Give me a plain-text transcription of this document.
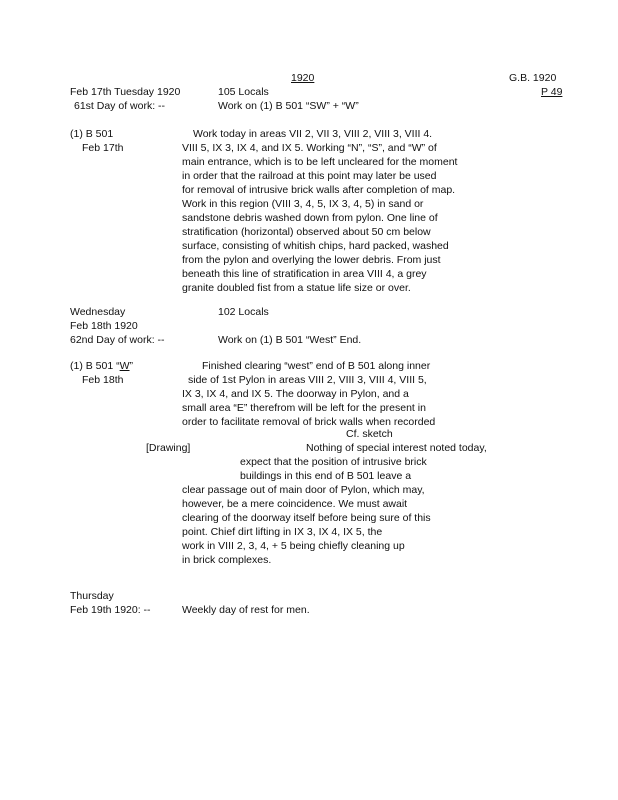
1920	G.B. 1920
P 49
Feb 17th Tuesday 1920	105 Locals
61st Day of work: --	Work on (1) B 501 “SW” + “W”
(1) B 501
Feb 17th
Work today in areas VII 2, VII 3, VIII 2, VIII 3, VIII 4.
VIII 5, IX 3, IX 4, and IX 5. Working “N”, “S”, and “W” of
main entrance, which is to be left uncleared for the moment
in order that the railroad at this point may later be used
for removal of intrusive brick walls after completion of map.
Work in this region (VIII 3, 4, 5, IX 3, 4, 5) in sand or
sandstone debris washed down from pylon. One line of
stratification (horizontal) observed about 50 cm below
surface, consisting of whitish chips, hard packed, washed
from the pylon and overlying the lower debris. From just
beneath this line of stratification in area VIII 4, a grey
granite doubled fist from a statue life size or over.
Wednesday	102 Locals
Feb 18th 1920
62nd Day of work: --	Work on (1) B 501 “West” End.
(1) B 501 “W”
Feb 18th
Finished clearing “west” end of B 501 along inner
side of 1st Pylon in areas VIII 2, VIII 3, VIII 4, VIII 5,
IX 3, IX 4, and IX 5. The doorway in Pylon, and a
small area “E” therefrom will be left for the present in
order to facilitate removal of brick walls when recorded
Cf. sketch
[Drawing]	Nothing of special interest noted today,
expect that the position of intrusive brick
buildings in this end of B 501 leave a
clear passage out of main door of Pylon, which may,
however, be a mere coincidence. We must await
clearing of the doorway itself before being sure of this
point. Chief dirt lifting in IX 3, IX 4, IX 5, the
work in VIII 2, 3, 4, + 5 being chiefly cleaning up
in brick complexes.
Thursday
Feb 19th 1920: --	Weekly day of rest for men.
